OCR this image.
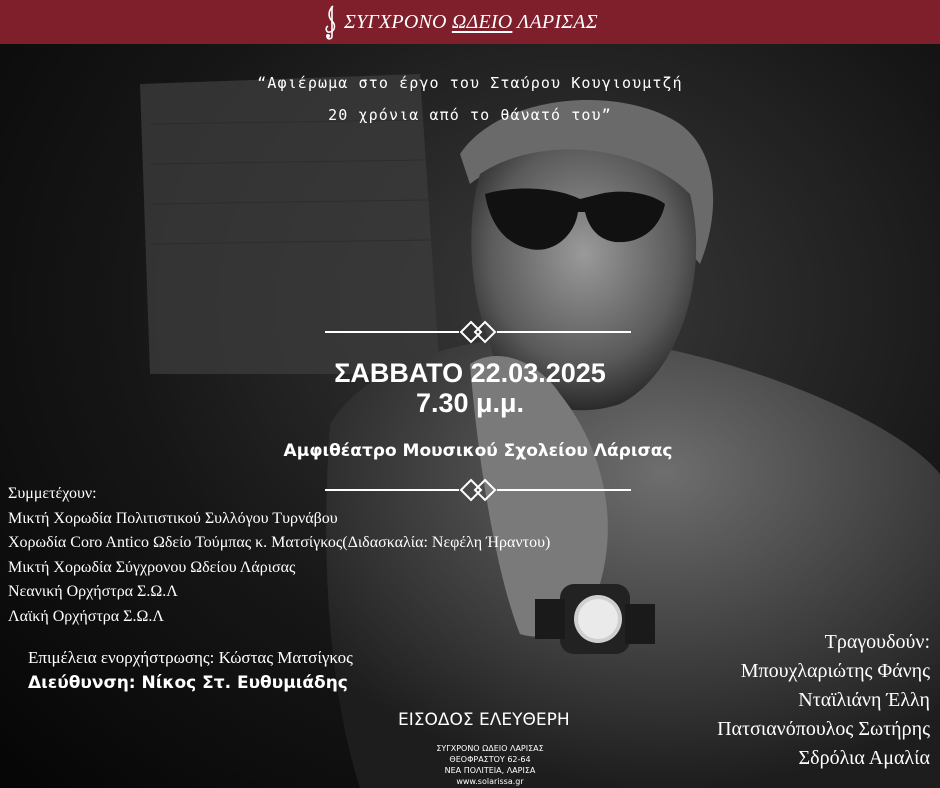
ΣΥΓΧΡΟΝΟ ΩΔΕΙΟ ΛΑΡΙΣΑΣ
“Αφιέρωμα στο έργο του Σταύρου Κουγιουμτζή
20 χρόνια από το θάνατό του”
ΣΑΒΒΑΤΟ 22.03.2025
7.30 μ.μ.
Αμφιθέατρο Μουσικού Σχολείου Λάρισας
Συμμετέχουν:
Μικτή Χορωδία Πολιτιστικού Συλλόγου Τυρνάβου
Χορωδία Coro Antico Ωδείο Τούμπας κ. Ματσίγκος(Διδασκαλία: Νεφέλη Ήραντου)
Μικτή Χορωδία Σύγχρονου Ωδείου Λάρισας
Νεανική Ορχήστρα Σ.Ω.Λ
Λαϊκή Ορχήστρα Σ.Ω.Λ
Επιμέλεια ενορχήστρωσης: Κώστας Ματσίγκος
Διεύθυνση: Νίκος Στ. Ευθυμιάδης
ΕΙΣΟΔΟΣ ΕΛΕΥΘΕΡΗ
ΣΥΓΧΡΟΝΟ ΩΔΕΙΟ ΛΑΡΙΣΑΣ
ΘΕΟΦΡΑΣΤΟΥ 62-64
ΝΕΑ ΠΟΛΙΤΕΙΑ, ΛΑΡΙΣΑ
www.solarissa.gr
Τραγουδούν:
Μπουχλαριώτης Φάνης
Νταϊλιάνη Έλλη
Πατσιανόπουλος Σωτήρης
Σδρόλια Αμαλία
